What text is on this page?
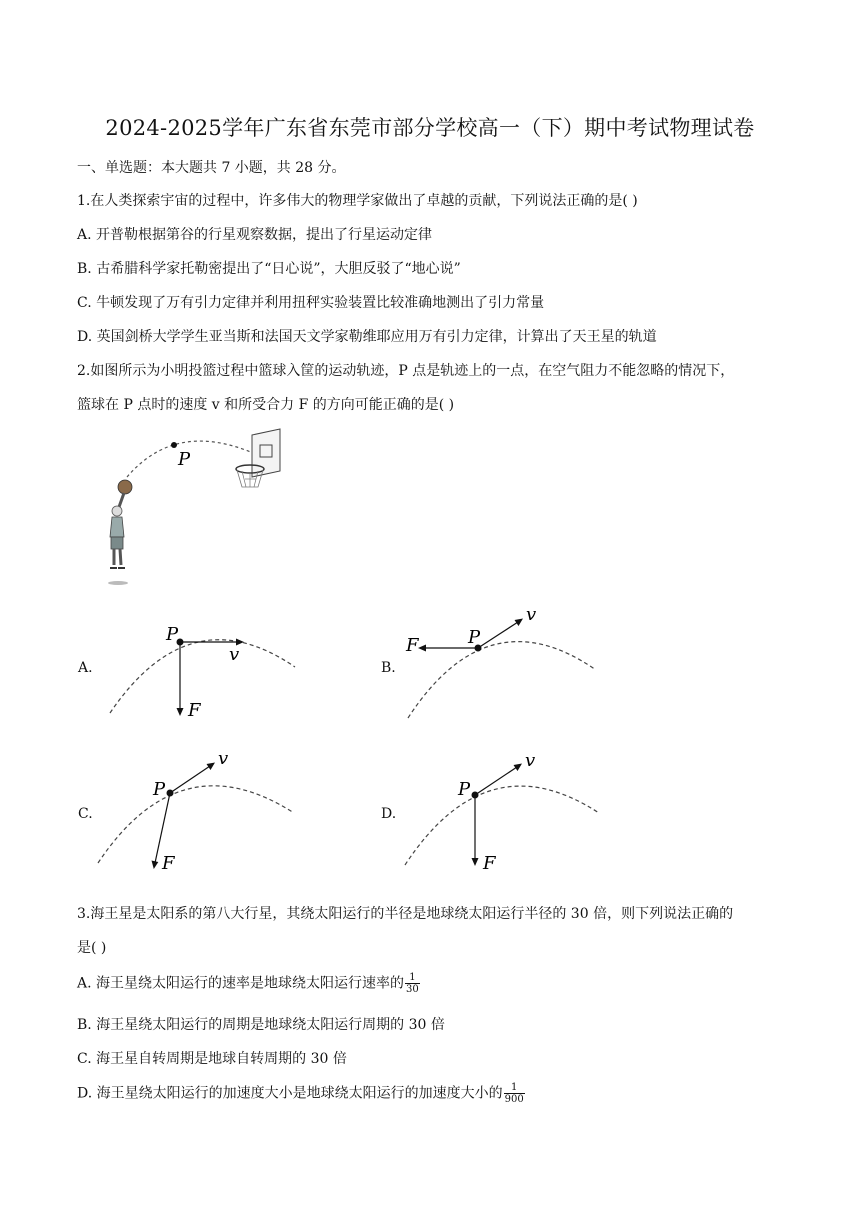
2024-2025学年广东省东莞市部分学校高一（下）期中考试物理试卷
一、单选题：本大题共 7 小题，共 28 分。
1.在人类探索宇宙的过程中，许多伟大的物理学家做出了卓越的贡献，下列说法正确的是( )
A. 开普勒根据第谷的行星观察数据，提出了行星运动定律
B. 古希腊科学家托勒密提出了“日心说”，大胆反驳了“地心说”
C. 牛顿发现了万有引力定律并利用扭秤实验装置比较准确地测出了引力常量
D. 英国剑桥大学学生亚当斯和法国天文学家勒维耶应用万有引力定律，计算出了天王星的轨道
2.如图所示为小明投篮过程中篮球入筐的运动轨迹，P 点是轨迹上的一点，在空气阻力不能忽略的情况下，
篮球在 P 点时的速度 v 和所受合力 F 的方向可能正确的是( )
P
A.
P
v
F
B.
P
v
F
C.
P
v
F
D.
P
v
F
3.海王星是太阳系的第八大行星，其绕太阳运行的半径是地球绕太阳运行半径的 30 倍，则下列说法正确的
是( )
A. 海王星绕太阳运行的速率是地球绕太阳运行速率的 $\frac{1}{30}$
B. 海王星绕太阳运行的周期是地球绕太阳运行周期的 30 倍
C. 海王星自转周期是地球自转周期的 30 倍
D. 海王星绕太阳运行的加速度大小是地球绕太阳运行的加速度大小的 $\frac{1}{900}$
